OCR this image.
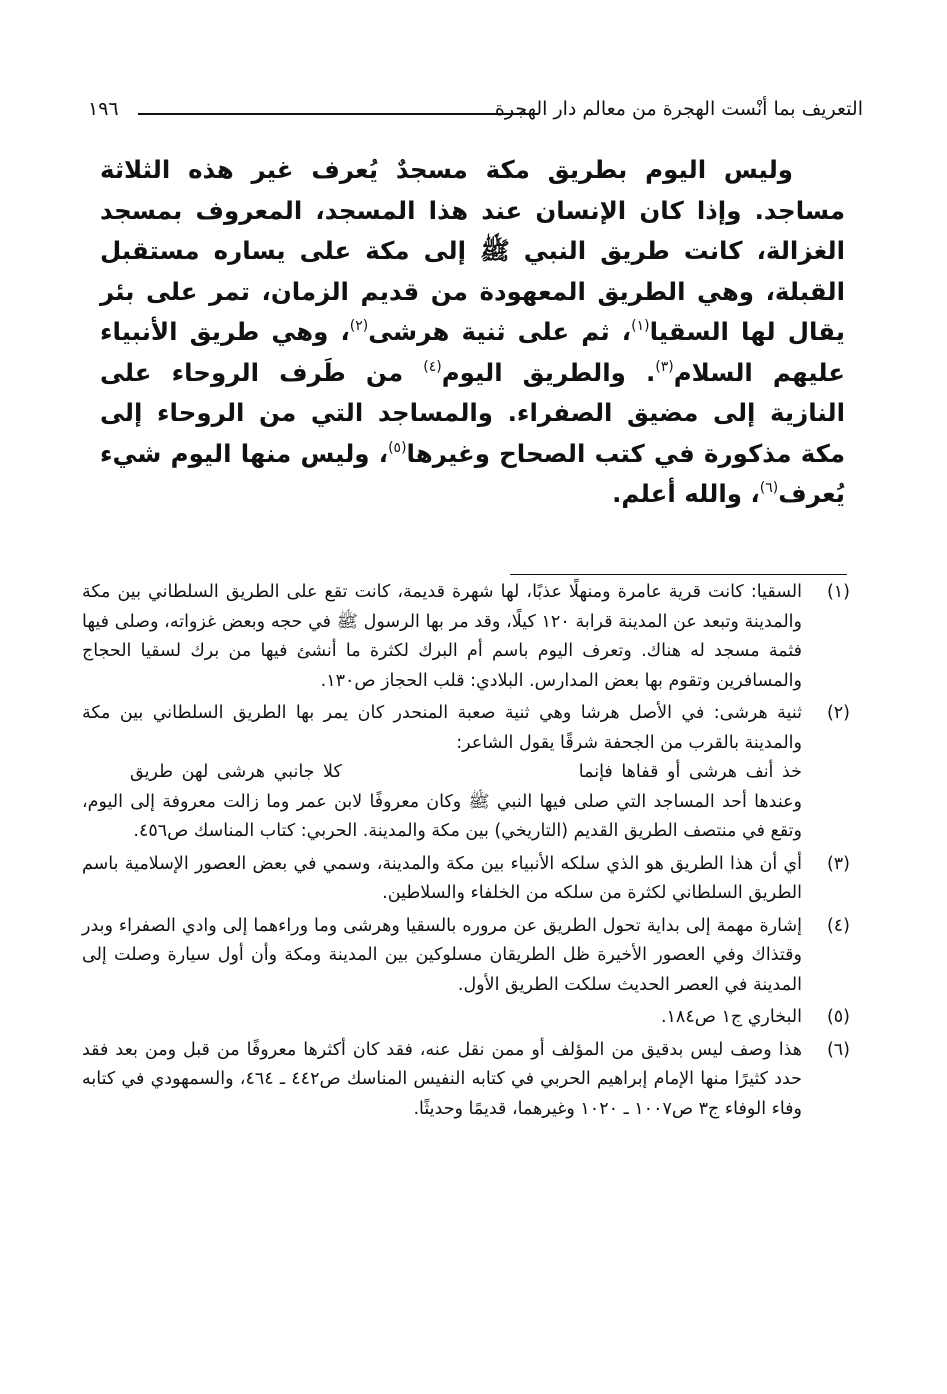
التعريف بما أنْست الهجرة من معالم دار الهجرة
١٩٦

وليس اليوم بطريق مكة مسجدٌ يُعرف غير هذه الثلاثة مساجد. وإذا كان الإنسان عند هذا المسجد، المعروف بمسجد الغزالة، كانت طريق النبي ﷺ إلى مكة على يساره مستقبل القبلة، وهي الطريق المعهودة من قديم الزمان، تمر على بئر يقال لها السقيا$^{(١)}$، ثم على ثنية هرشى$^{(٢)}$، وهي طريق الأنبياء عليهم السلام$^{(٣)}$. والطريق اليوم$^{(٤)}$ من طَرف الروحاء على النازية إلى مضيق الصفراء. والمساجد التي من الروحاء إلى مكة مذكورة في كتب الصحاح وغيرها$^{(٥)}$، وليس منها اليوم شيء يُعرف$^{(٦)}$، والله أعلم.

(١)
السقيا: كانت قرية عامرة ومنهلًا عذبًا، لها شهرة قديمة، كانت تقع على الطريق السلطاني بين مكة والمدينة وتبعد عن المدينة قرابة ١٢٠ كيلًا، وقد مر بها الرسول ﷺ في حجه وبعض غزواته، وصلى فيها فثمة مسجد له هناك. وتعرف اليوم باسم أم البرك لكثرة ما أنشئ فيها من برك لسقيا الحجاج والمسافرين وتقوم بها بعض المدارس. البلادي: قلب الحجاز ص١٣٠.
(٢)
ثنية هرشى: في الأصل هرشا وهي ثنية صعبة المنحدر كان يمر بها الطريق السلطاني بين مكة والمدينة بالقرب من الجحفة شرقًا يقول الشاعر:
خذ أنف هرشى أو قفاها فإنما
كلا جانبي هرشى لهن طريق
وعندها أحد المساجد التي صلى فيها النبي ﷺ وكان معروفًا لابن عمر وما زالت معروفة إلى اليوم، وتقع في منتصف الطريق القديم (التاريخي) بين مكة والمدينة. الحربي: كتاب المناسك ص٤٥٦.
(٣)
أي أن هذا الطريق هو الذي سلكه الأنبياء بين مكة والمدينة، وسمي في بعض العصور الإسلامية باسم الطريق السلطاني لكثرة من سلكه من الخلفاء والسلاطين.
(٤)
إشارة مهمة إلى بداية تحول الطريق عن مروره بالسقيا وهرشى وما وراءهما إلى وادي الصفراء وبدر وقتذاك وفي العصور الأخيرة ظل الطريقان مسلوكين بين المدينة ومكة وأن أول سيارة وصلت إلى المدينة في العصر الحديث سلكت الطريق الأول.
(٥)
البخاري ج١ ص١٨٤.
(٦)
هذا وصف ليس بدقيق من المؤلف أو ممن نقل عنه، فقد كان أكثرها معروفًا من قبل ومن بعد فقد حدد كثيرًا منها الإمام إبراهيم الحربي في كتابه النفيس المناسك ص٤٤٢ ـ ٤٦٤، والسمهودي في كتابه وفاء الوفاء ج٣ ص١٠٠٧ ـ ١٠٢٠ وغيرهما، قديمًا وحديثًا.
